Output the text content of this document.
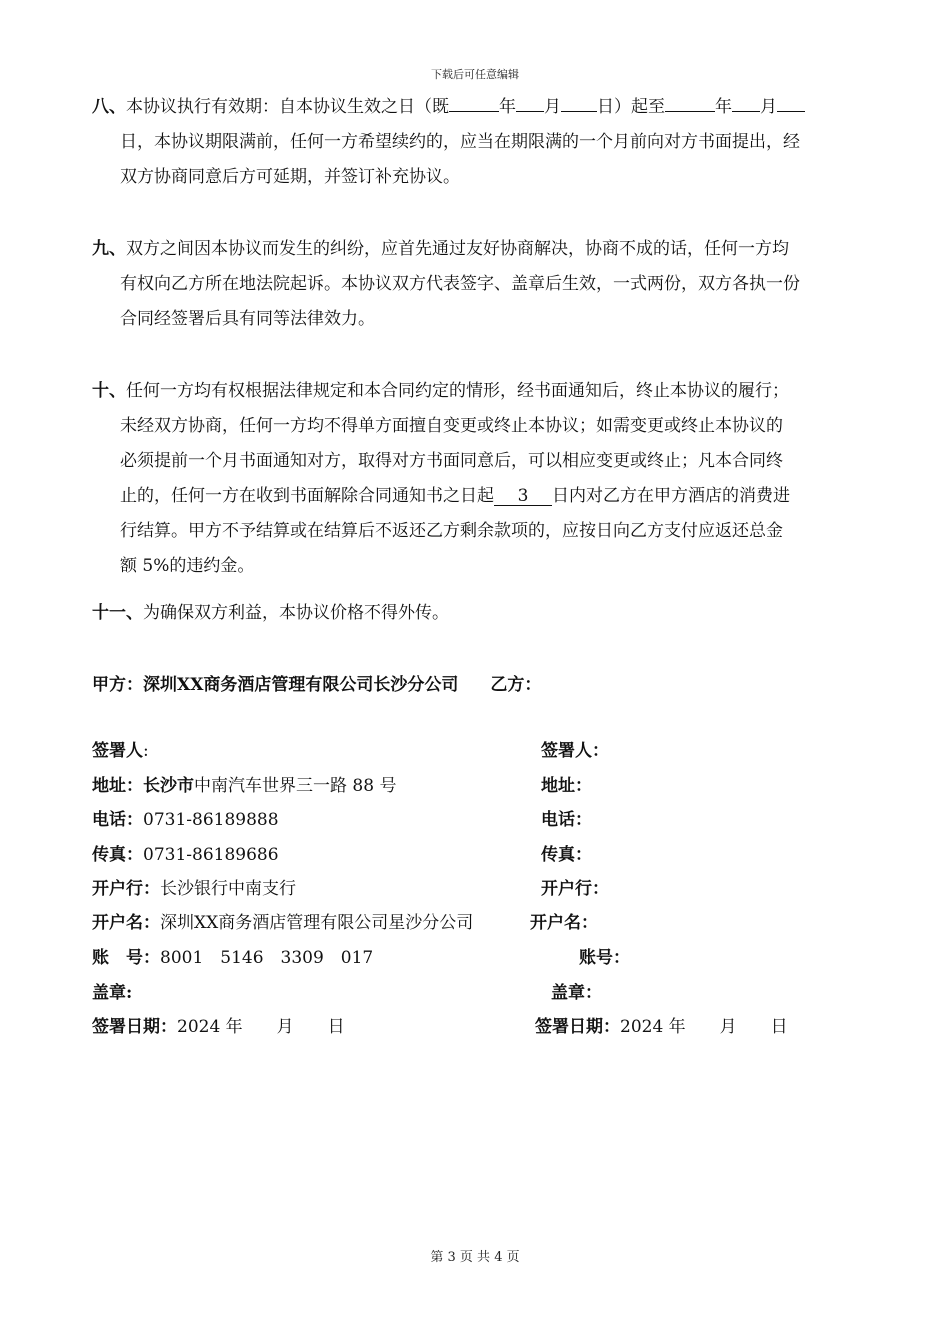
下载后可任意编辑
八、本协议执行有效期：自本协议生效之日（既	年 月 日）起至	年 月
日，本协议期限满前，任何一方希望续约的，应当在期限满的一个月前向对方书面提出，经
双方协商同意后方可延期，并签订补充协议。
九、双方之间因本协议而发生的纠纷，应首先通过友好协商解决，协商不成的话，任何一方均
有权向乙方所在地法院起诉。本协议双方代表签字、盖章后生效，一式两份，双方各执一份
合同经签署后具有同等法律效力。
十、任何一方均有权根据法律规定和本合同约定的情形，经书面通知后，终止本协议的履行；
未经双方协商，任何一方均不得单方面擅自变更或终止本协议；如需变更或终止本协议的
必须提前一个月书面通知对方，取得对方书面同意后，可以相应变更或终止；凡本合同终
止的，任何一方在收到书面解除合同通知书之日起 3 日内对乙方在甲方酒店的消费进
行结算。甲方不予结算或在结算后不返还乙方剩余款项的，应按日向乙方支付应返还总金
额 5%的违约金。
十一、为确保双方利益，本协议价格不得外传。
甲方：深圳XX商务酒店管理有限公司长沙分公司 乙方：
签署人:
地址：长沙市中南汽车世界三一路 88 号
电话：0731-86189888
传真：0731-86189686
开户行：长沙银行中南支行
开户名：深圳XX商务酒店管理有限公司星沙分公司
账　号：8001　5146　3309　017
盖章:
签署日期：2024 年　　月　　日
签署人：
地址：
电话：
传真：
开户行：
开户名：
账号：
盖章：
签署日期：2024 年　　月　　日
第 3 页 共 4 页
